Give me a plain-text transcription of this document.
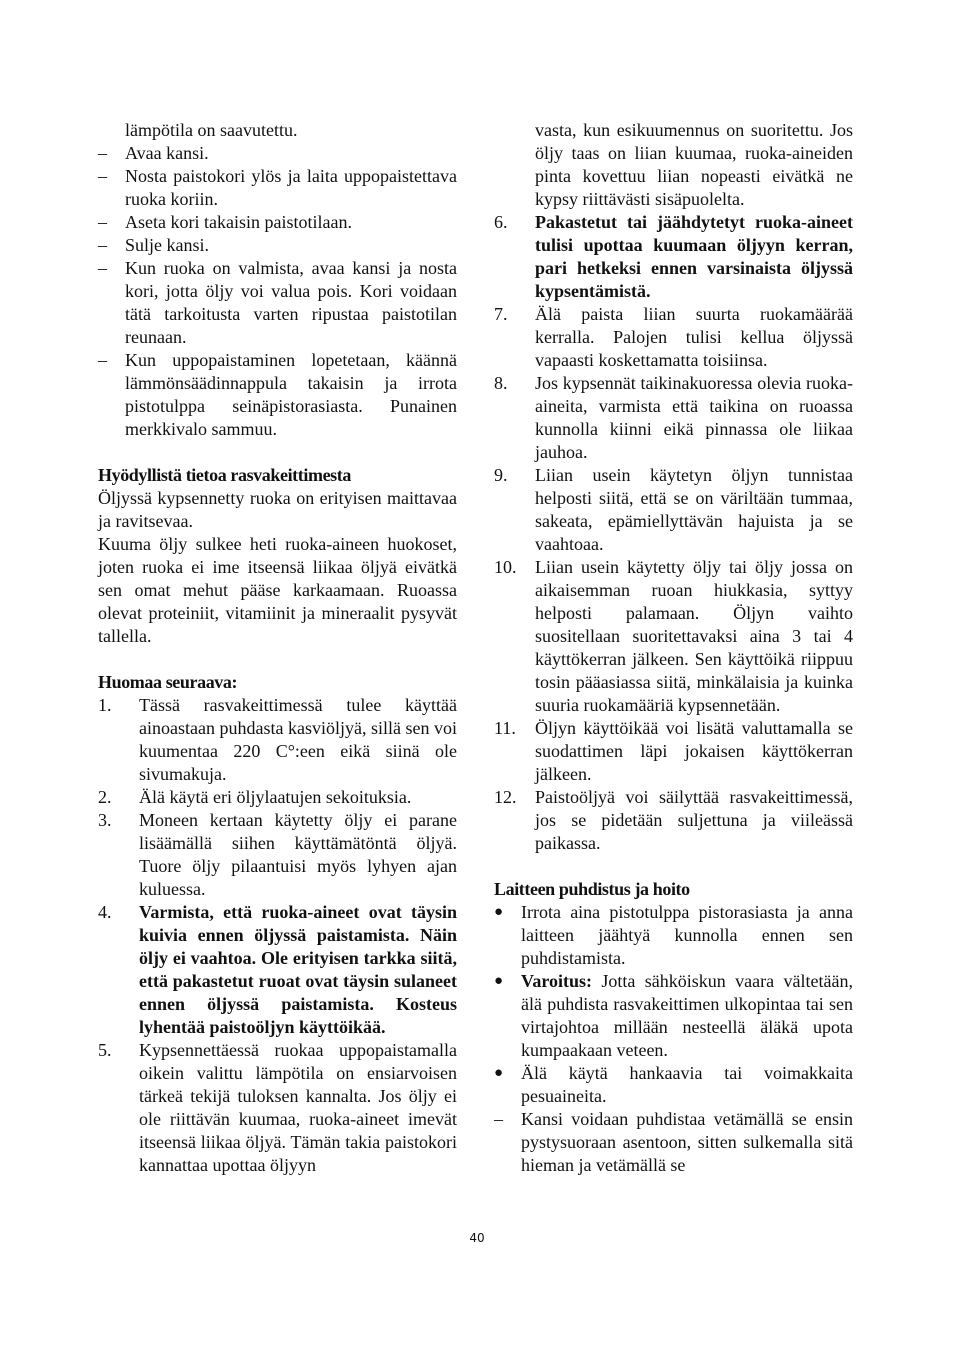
lämpötila on saavutettu.

– Avaa kansi.
– Nosta paistokori ylös ja laita uppopaistettava ruoka koriin.
– Aseta kori takaisin paistotilaan.
– Sulje kansi.
– Kun ruoka on valmista, avaa kansi ja nosta kori, jotta öljy voi valua pois. Kori voidaan tätä tarkoitusta varten ripustaa paistotilan reunaan.
– Kun uppopaistaminen lopetetaan, käännä lämmönsäädinnappula takaisin ja irrota pistotulppa seinäpistorasiasta. Punainen merkkivalo sammuu.

Hyödyllistä tietoa rasvakeittimesta

Öljyssä kypsennetty ruoka on erityisen maittavaa ja ravitsevaa.

Kuuma öljy sulkee heti ruoka-aineen huokoset, joten ruoka ei ime itseensä liikaa öljyä eivätkä sen omat mehut pääse karkaamaan. Ruoassa olevat proteiniit, vitamiinit ja mineraalit pysyvät tallella.

Huomaa seuraava:

1. Tässä rasvakeittimessä tulee käyttää ainoastaan puhdasta kasviöljyä, sillä sen voi kuumentaa 220 C°:een eikä siinä ole sivumakuja.
2. Älä käytä eri öljylaatujen sekoituksia.
3. Moneen kertaan käytetty öljy ei parane lisäämällä siihen käyttämätöntä öljyä. Tuore öljy pilaantuisi myös lyhyen ajan kuluessa.
4. Varmista, että ruoka-aineet ovat täysin kuivia ennen öljyssä paistamista. Näin öljy ei vaahtoa. Ole erityisen tarkka siitä, että pakastetut ruoat ovat täysin sulaneet ennen öljyssä paistamista. Kosteus lyhentää paistoöljyn käyttöikää.
5. Kypsennettäessä ruokaa uppopaistamalla oikein valittu lämpötila on ensiarvoisen tärkeä tekijä tuloksen kannalta. Jos öljy ei ole riittävän kuumaa, ruoka-aineet imevät itseensä liikaa öljyä. Tämän takia paistokori kannattaa upottaa öljyyn

vasta, kun esikuumennus on suoritettu. Jos öljy taas on liian kuumaa, ruoka-aineiden pinta kovettuu liian nopeasti eivätkä ne kypsy riittävästi sisäpuolelta.

6. Pakastetut tai jäähdytetyt ruoka-aineet tulisi upottaa kuumaan öljyyn kerran, pari hetkeksi ennen varsinaista öljyssä kypsentämistä.
7. Älä paista liian suurta ruokamäärää kerralla. Palojen tulisi kellua öljyssä vapaasti koskettamatta toisiinsa.
8. Jos kypsennät taikinakuoressa olevia ruoka-aineita, varmista että taikina on ruoassa kunnolla kiinni eikä pinnassa ole liikaa jauhoa.
9. Liian usein käytetyn öljyn tunnistaa helposti siitä, että se on väriltään tummaa, sakeata, epämiellyttävän hajuista ja se vaahtoaa.
10. Liian usein käytetty öljy tai öljy jossa on aikaisemman ruoan hiukkasia, syttyy helposti palamaan. Öljyn vaihto suositellaan suoritettavaksi aina 3 tai 4 käyttökerran jälkeen. Sen käyttöikä riippuu tosin pääasiassa siitä, minkälaisia ja kuinka suuria ruokamääriä kypsennetään.
11. Öljyn käyttöikää voi lisätä valuttamalla se suodattimen läpi jokaisen käyttökerran jälkeen.
12. Paistoöljyä voi säilyttää rasvakeittimessä, jos se pidetään suljettuna ja viileässä paikassa.

Laitteen puhdistus ja hoito

● Irrota aina pistotulppa pistorasiasta ja anna laitteen jäähtyä kunnolla ennen sen puhdistamista.
● Varoitus: Jotta sähköiskun vaara vältetään, älä puhdista rasvakeittimen ulkopintaa tai sen virtajohtoa millään nesteellä äläkä upota kumpaakaan veteen.
● Älä käytä hankaavia tai voimakkaita pesuaineita.
– Kansi voidaan puhdistaa vetämällä se ensin pystysuoraan asentoon, sitten sulkemalla sitä hieman ja vetämällä se
40
